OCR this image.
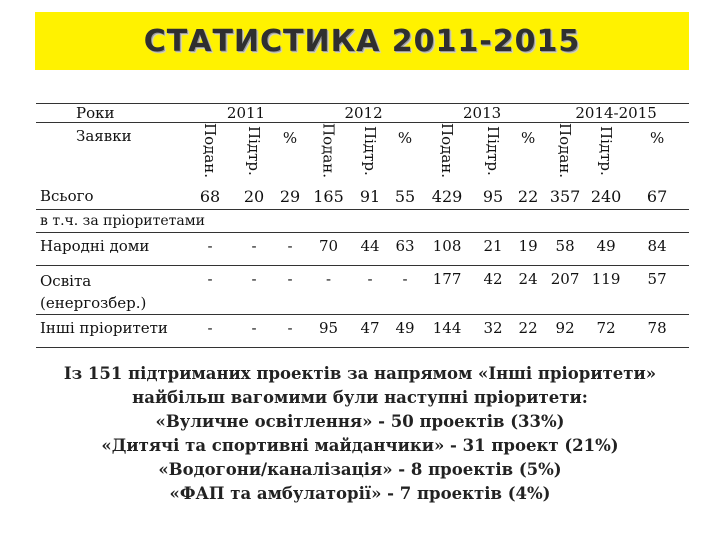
СТАТИСТИКА 2011-2015
Роки	2011			2012			2013			2014-2015		
Заявки	Подан.	Підтр.	%	Подан.	Підтр.	%	Подан.	Підтр.	%	Подан.	Підтр.	%
Всього	68	20	29	165	91	55	429	95	22	357	240	67
в т.ч. за пріоритетами												
Народні доми	-	-	-	70	44	63	108	21	19	58	49	84
Освіта (енергозбер.)	-	-	-	-	-	-	177	42	24	207	119	57
Інші пріоритети	-	-	-	95	47	49	144	32	22	92	72	78
Із 151 підтриманих проектів за напрямом «Інші пріоритети»
найбільш вагомими були наступні пріоритети:
«Вуличне освітлення» - 50 проектів (33%)
«Дитячі та спортивні майданчики» - 31 проект (21%)
«Водогони/каналізація» - 8 проектів (5%)
«ФАП та амбулаторії» - 7 проектів (4%)
